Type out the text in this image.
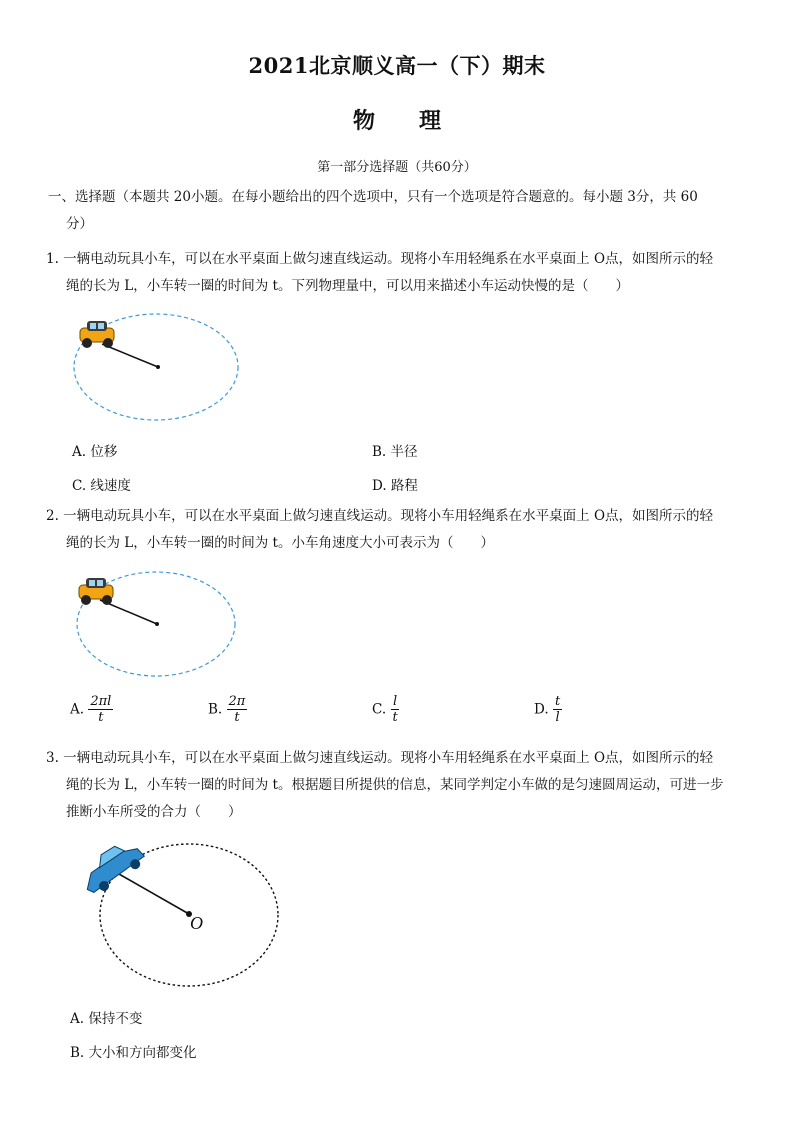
2021北京顺义高一（下）期末
物　　理
第一部分选择题（共60分）
一、选择题（本题共 20小题。在每小题给出的四个选项中，只有一个选项是符合题意的。每小题 3分，共 60
分）
1. 一辆电动玩具小车，可以在水平桌面上做匀速直线运动。现将小车用轻绳系在水平桌面上 O点，如图所示的轻
绳的长为 L，小车转一圈的时间为 t。下列物理量中，可以用来描述小车运动快慢的是（　　）
A. 位移	B. 半径
C. 线速度	D. 路程
2. 一辆电动玩具小车，可以在水平桌面上做匀速直线运动。现将小车用轻绳系在水平桌面上 O点，如图所示的轻
绳的长为 L，小车转一圈的时间为 t。小车角速度大小可表示为（　　）
A. $\frac{2\pi l}{t}$	B. $\frac{2\pi}{t}$	C. $\frac{l}{t}$	D. $\frac{t}{l}$
3. 一辆电动玩具小车，可以在水平桌面上做匀速直线运动。现将小车用轻绳系在水平桌面上 O点，如图所示的轻
绳的长为 L，小车转一圈的时间为 t。根据题目所提供的信息，某同学判定小车做的是匀速圆周运动，可进一步
推断小车所受的合力（　　）
O
A. 保持不变
B. 大小和方向都变化
